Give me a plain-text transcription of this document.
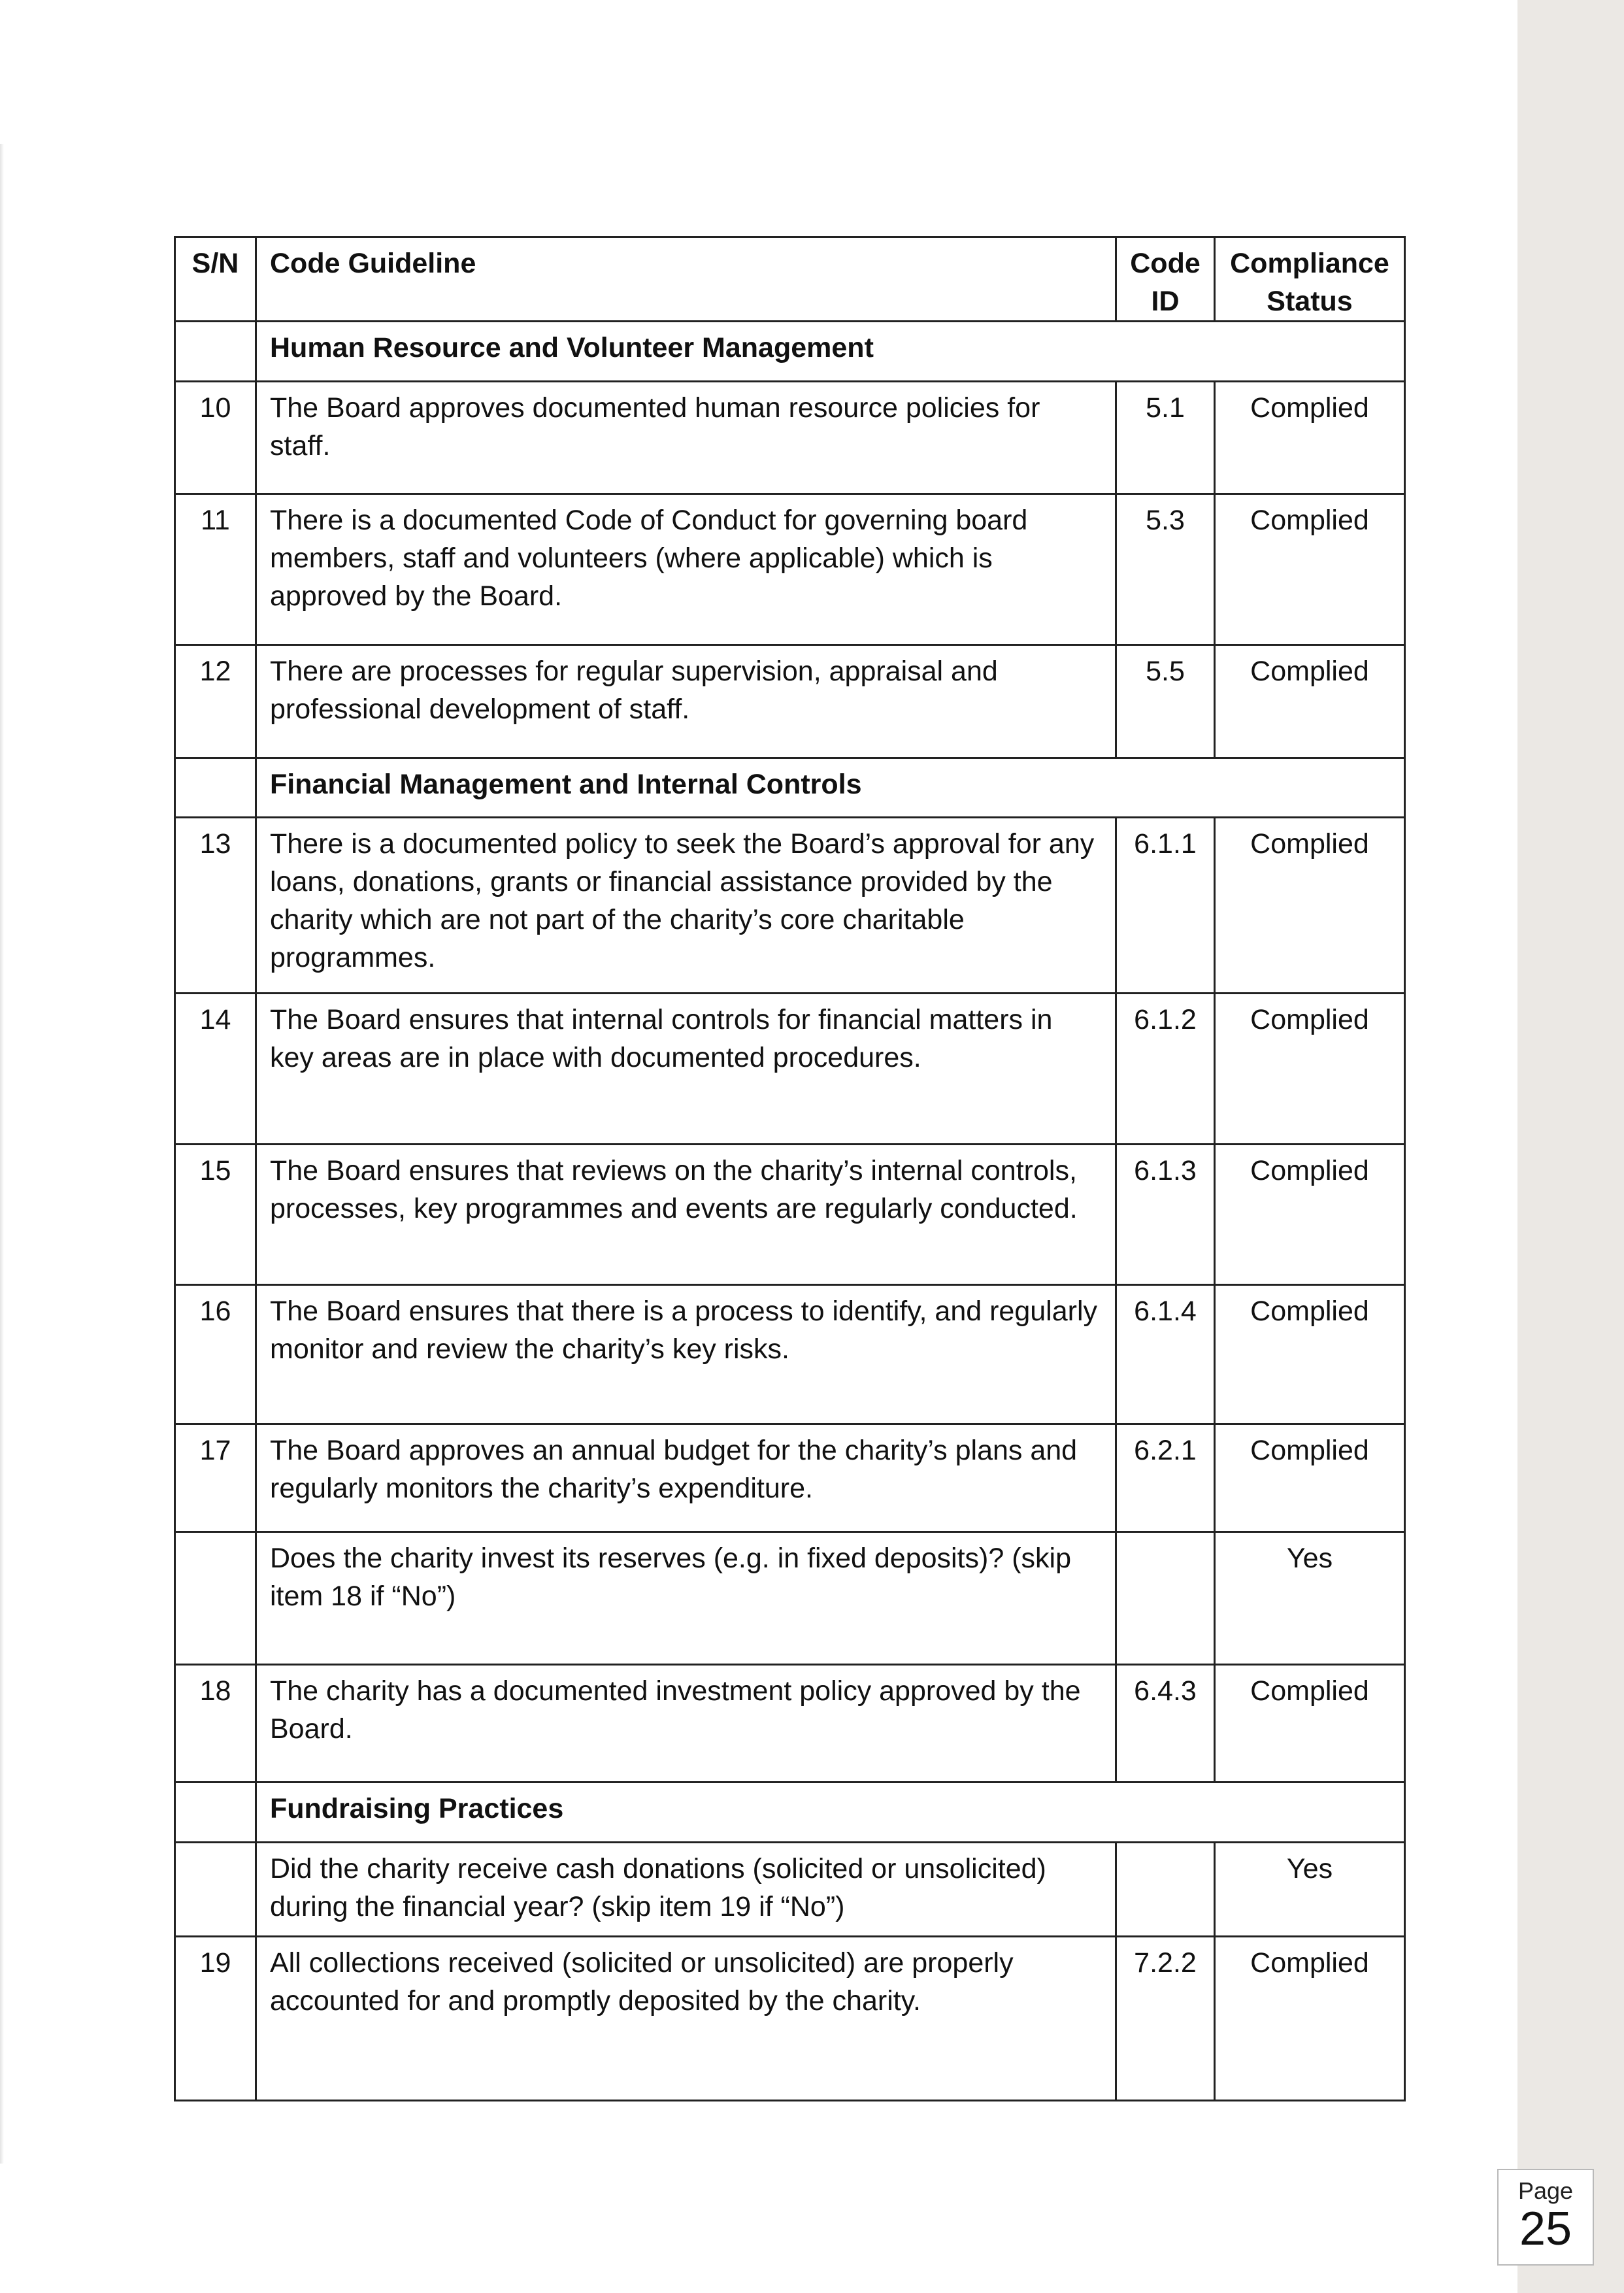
S/N	Code Guideline	Code ID	Compliance Status
	Human Resource and Volunteer Management		
10	The Board approves documented human resource policies for staff.	5.1	Complied
11	There is a documented Code of Conduct for governing board members, staff and volunteers (where applicable) which is approved by the Board.	5.3	Complied
12	There are processes for regular supervision, appraisal and professional development of staff.	5.5	Complied
	Financial Management and Internal Controls		
13	There is a documented policy to seek the Board’s approval for any loans, donations, grants or financial assistance provided by the charity which are not part of the charity’s core charitable programmes.	6.1.1	Complied
14	The Board ensures that internal controls for financial matters in key areas are in place with documented procedures.	6.1.2	Complied
15	The Board ensures that reviews on the charity’s internal controls, processes, key programmes and events are regularly conducted.	6.1.3	Complied
16	The Board ensures that there is a process to identify, and regularly monitor and review the charity’s key risks.	6.1.4	Complied
17	The Board approves an annual budget for the charity’s plans and regularly monitors the charity’s expenditure.	6.2.1	Complied
	Does the charity invest its reserves (e.g. in fixed deposits)? (skip item 18 if “No”)		Yes
18	The charity has a documented investment policy approved by the Board.	6.4.3	Complied
	Fundraising Practices		
	Did the charity receive cash donations (solicited or unsolicited) during the financial year? (skip item 19 if “No”)		Yes
19	All collections received (solicited or unsolicited) are properly accounted for and promptly deposited by the charity.	7.2.2	Complied
Page
25
